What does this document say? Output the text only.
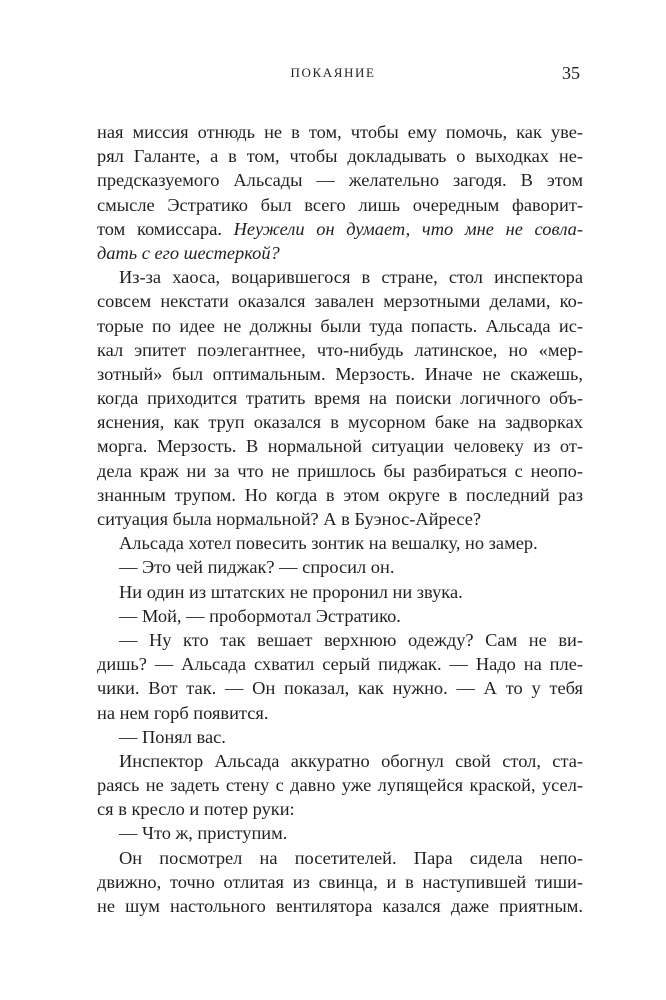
ПОКАЯНИЕ	35

ная миссия отнюдь не в том, чтобы ему помочь, как уве-
рял Галанте, а в том, чтобы докладывать о выходках не-
предсказуемого Альсады — желательно загодя. В этом
смысле Эстратико был всего лишь очередным фаворит-
том комиссара. Неужели он думает, что мне не совла-
дать с его шестеркой?

Из-за хаоса, воцарившегося в стране, стол инспектора
совсем некстати оказался завален мерзотными делами, ко-
торые по идее не должны были туда попасть. Альсада ис-
кал эпитет поэлегантнее, что-нибудь латинское, но «мер-
зотный» был оптимальным. Мерзость. Иначе не скажешь,
когда приходится тратить время на поиски логичного объ-
яснения, как труп оказался в мусорном баке на задворках
морга. Мерзость. В нормальной ситуации человеку из от-
дела краж ни за что не пришлось бы разбираться с неопо-
знанным трупом. Но когда в этом округе в последний раз
ситуация была нормальной? А в Буэнос-Айресе?

Альсада хотел повесить зонтик на вешалку, но замер.

— Это чей пиджак? — спросил он.

Ни один из штатских не проронил ни звука.

— Мой, — пробормотал Эстратико.

— Ну кто так вешает верхнюю одежду? Сам не ви-
дишь? — Альсада схватил серый пиджак. — Надо на пле-
чики. Вот так. — Он показал, как нужно. — А то у тебя
на нем горб появится.

— Понял вас.

Инспектор Альсада аккуратно обогнул свой стол, ста-
раясь не задеть стену с давно уже лупящейся краской, усел-
ся в кресло и потер руки:

— Что ж, приступим.

Он посмотрел на посетителей. Пара сидела непо-
движно, точно отлитая из свинца, и в наступившей тиши-
не шум настольного вентилятора казался даже приятным.
